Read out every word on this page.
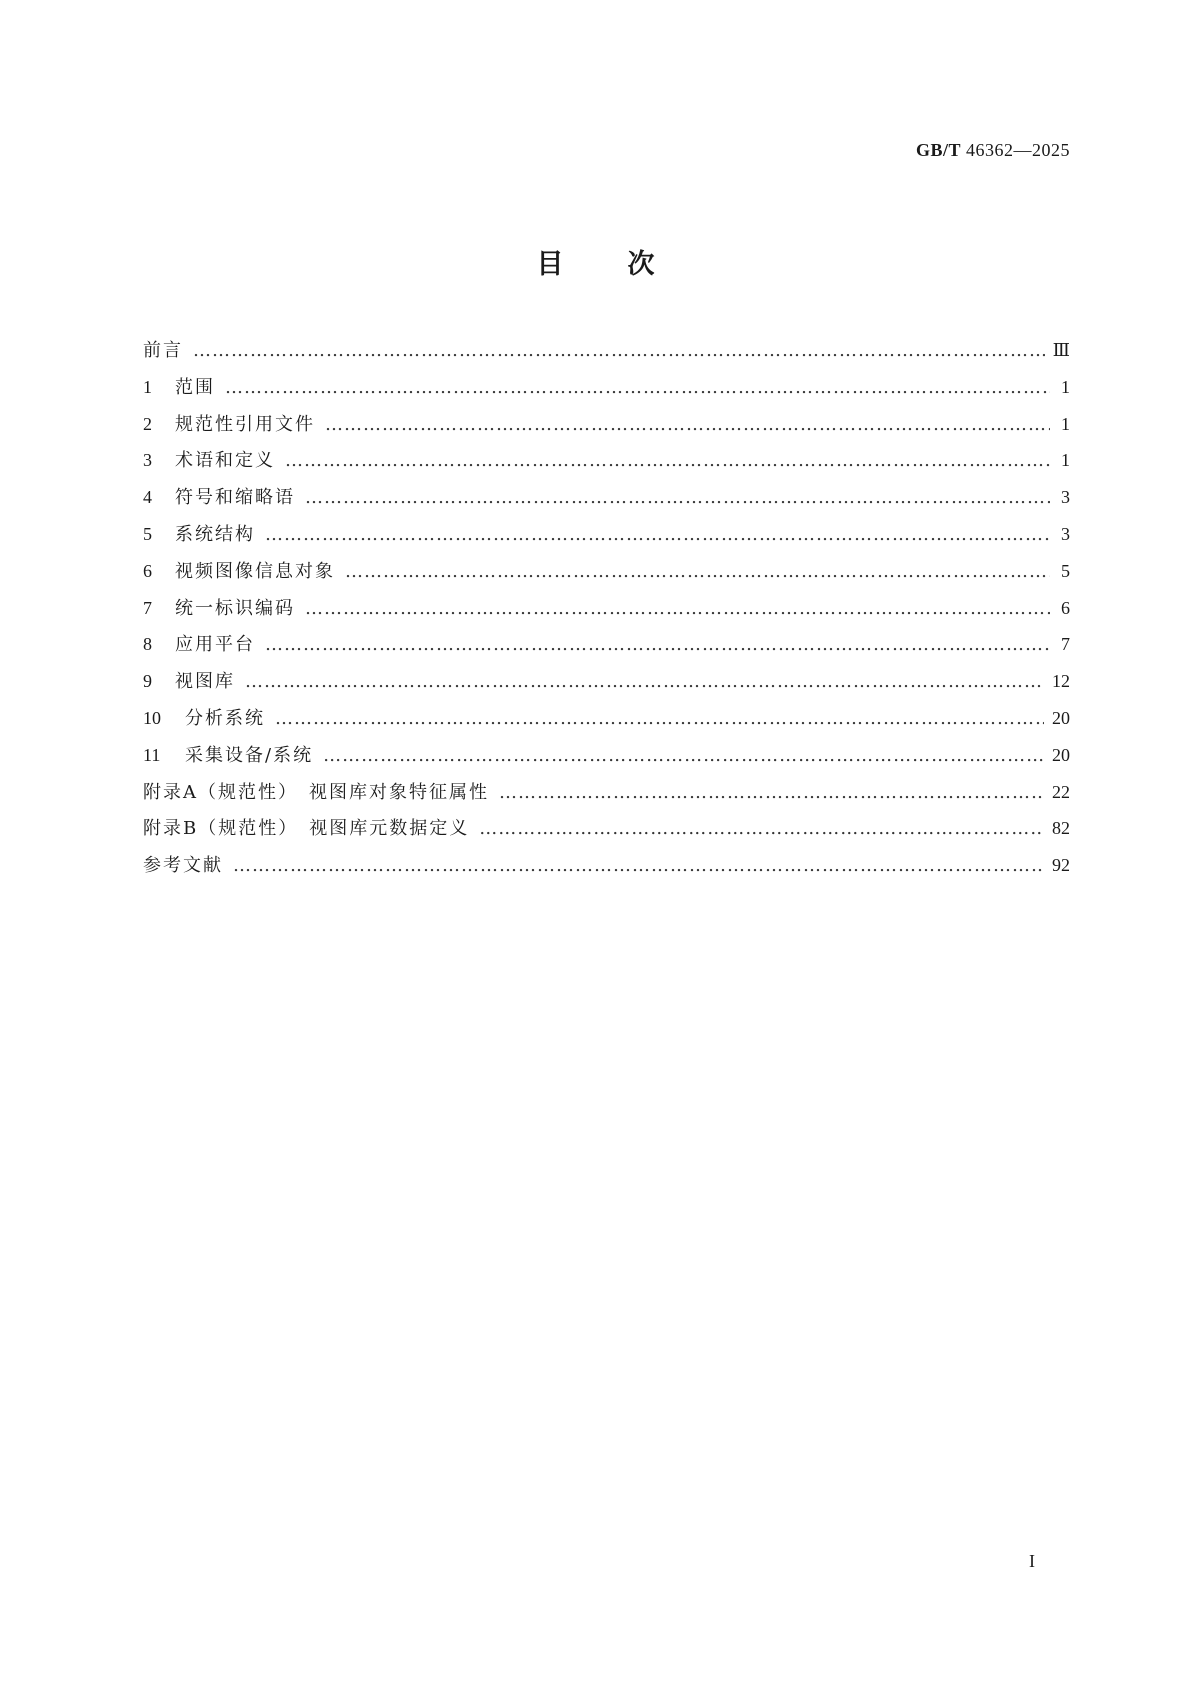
GB/T 46362—2025
目次
前言 ……………………………………………………………………………………………………………………………………………………………………………………………………	Ⅲ
1	范围 ……………………………………………………………………………………………………………………………………………………………………………………………………	1
2	规范性引用文件 ……………………………………………………………………………………………………………………………………………………………………………………………………	1
3	术语和定义 ……………………………………………………………………………………………………………………………………………………………………………………………………	1
4	符号和缩略语 ……………………………………………………………………………………………………………………………………………………………………………………………………	3
5	系统结构 ……………………………………………………………………………………………………………………………………………………………………………………………………	3
6	视频图像信息对象 ……………………………………………………………………………………………………………………………………………………………………………………………………	5
7	统一标识编码 ……………………………………………………………………………………………………………………………………………………………………………………………………	6
8	应用平台 ……………………………………………………………………………………………………………………………………………………………………………………………………	7
9	视图库 ……………………………………………………………………………………………………………………………………………………………………………………………………	12
10	分析系统 ……………………………………………………………………………………………………………………………………………………………………………………………………	20
11	采集设备/系统 ……………………………………………………………………………………………………………………………………………………………………………………………………	20
附录A（规范性）　视图库对象特征属性 ……………………………………………………………………………………………………………………………………………………………………………………………………	22
附录B（规范性）　视图库元数据定义 ……………………………………………………………………………………………………………………………………………………………………………………………………	82
参考文献 ……………………………………………………………………………………………………………………………………………………………………………………………………	92
I
